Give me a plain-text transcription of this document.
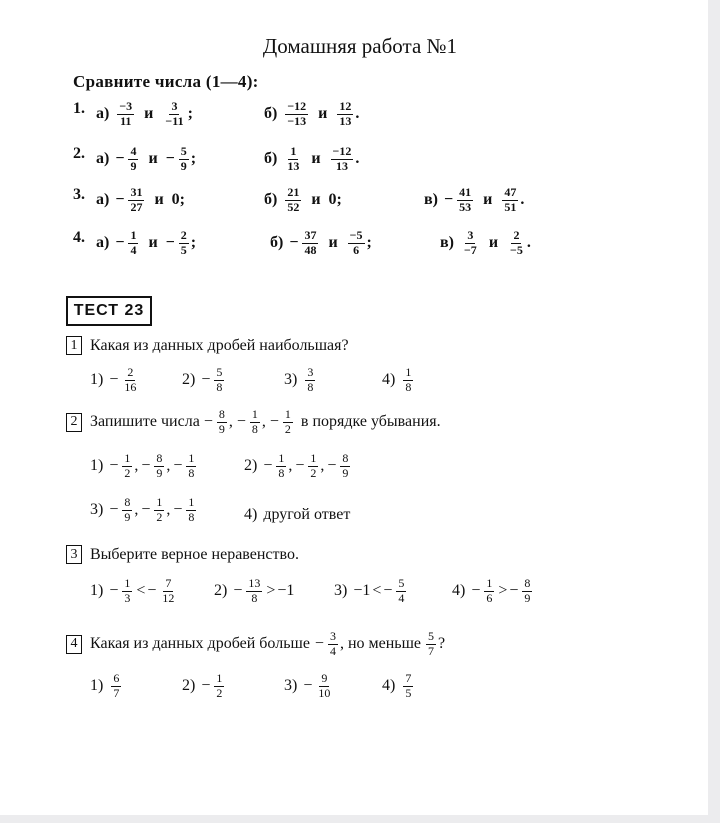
Домашняя работа №1
Сравните числа (1—4):
1. $а) \frac{-3}{11}$ и $\frac{3}{-11}$ ;	$б) \frac{-12}{-13}$ и $\frac{12}{13}$ .
2. $а) - \frac{4}{9}$ $и - \frac{5}{9}$ ;	$б) \frac{1}{13}$ и $\frac{-12}{13}$ .
3. $а) - \frac{31}{27}$ и 0 ;	$б) \frac{21}{52}$ и 0 ;	$в) - \frac{41}{53}$ и $\frac{47}{51}$ .
4. $а) - \frac{1}{4}$ $и - \frac{2}{5}$ ;	$б) - \frac{37}{48}$ и $\frac{-5}{6}$ ;	$в) \frac{3}{-7}$ и $\frac{2}{-5}$ .
ТЕСТ 23
1 Какая из данных дробей наибольшая?
$1) - \frac{2}{16}$	$2) - \frac{5}{8}$	$3) \frac{3}{8}$	$4) \frac{1}{8}$
2 Запишите числа − $\frac{8}{9}$ , − $\frac{1}{8}$ , − $\frac{1}{2}$ в порядке убывания.
$1) - \frac{1}{2}$ , − $\frac{8}{9}$ , − $\frac{1}{8}$	$2) - \frac{1}{8}$ , − $\frac{1}{2}$ , − $\frac{8}{9}$
$3) - \frac{8}{9}$ , − $\frac{1}{2}$ , − $\frac{1}{8}$	4) другой ответ
3 Выберите верное неравенство.
$1) - \frac{1}{3}$ < − $\frac{7}{12} 2) - \frac{13}{8} > -1$ 3) −1 < − $\frac{5}{4}$	$4) - \frac{1}{6}$ > − $\frac{8}{9}$
4 Какая из данных дробей больше − $\frac{3}{4}$ , но меньше $\frac{5}{7}$ ?
$1) \frac{6}{7}$	$2) - \frac{1}{2}$	$3) - \frac{9}{10}$	$4) \frac{7}{5}$
